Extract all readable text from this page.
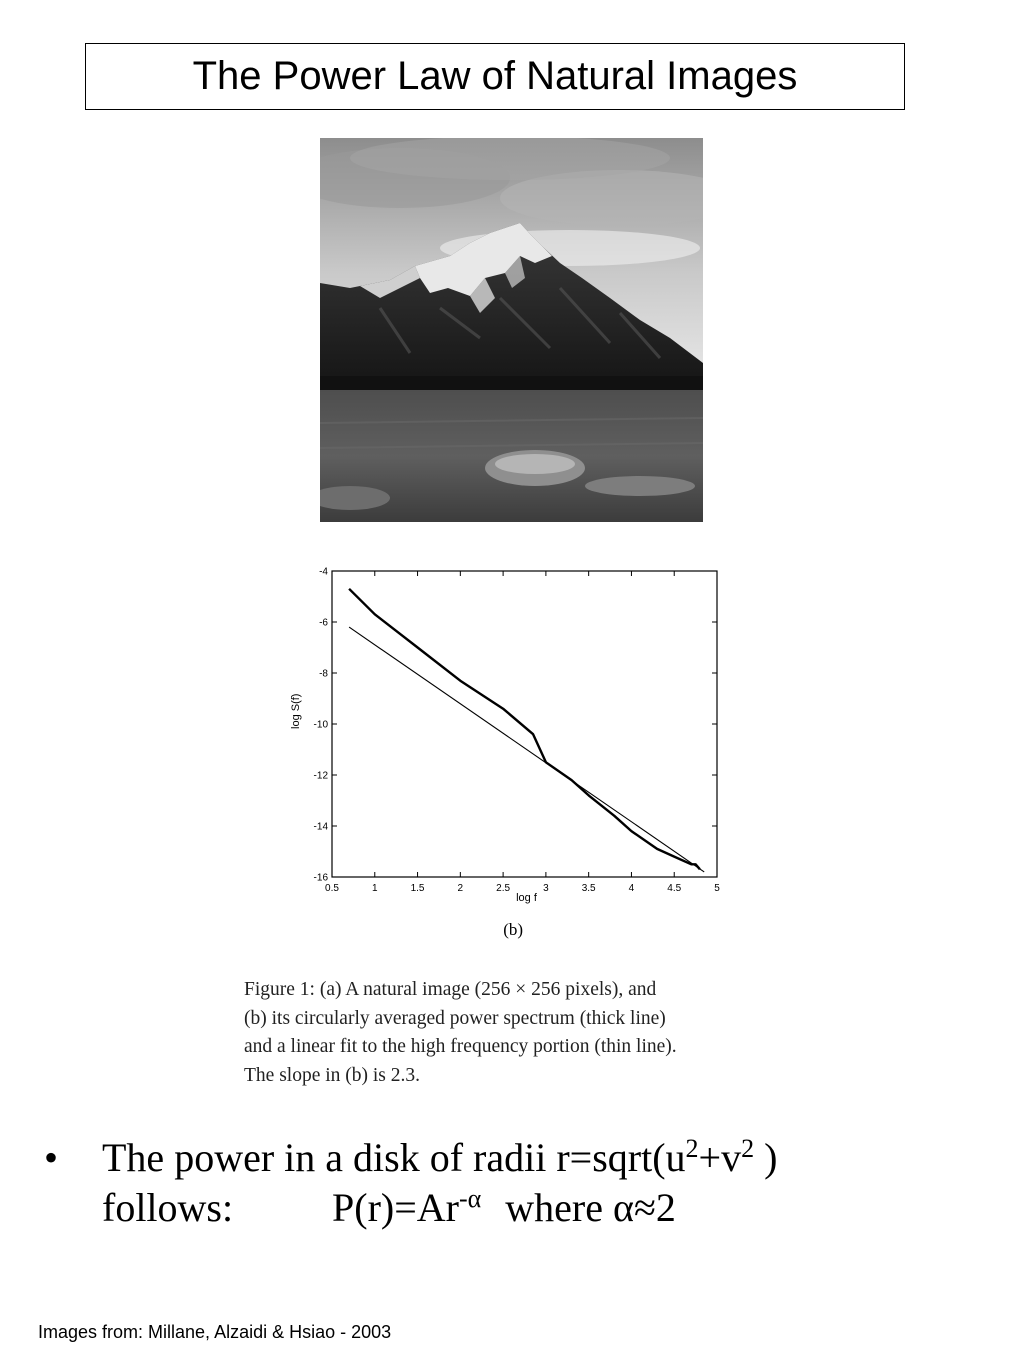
The Power Law of Natural Images
0.5	1	1.5	2	2.5	3	3.5	4	4.5	5
-4
-6
-8
-10
-12
-14
-16
log f
log S(f)
(b)
Figure 1: (a) A natural image (256 × 256 pixels), and
(b) its circularly averaged power spectrum (thick line)
and a linear fit to the high frequency portion (thin line).
The slope in (b) is 2.3.
•	The power in a disk of radii $r=sqrt(u^2+v^2$ )
follows: $P(r)=Ar^{-\alpha}$ where α≈2
Images from: Millane, Alzaidi & Hsiao - 2003
